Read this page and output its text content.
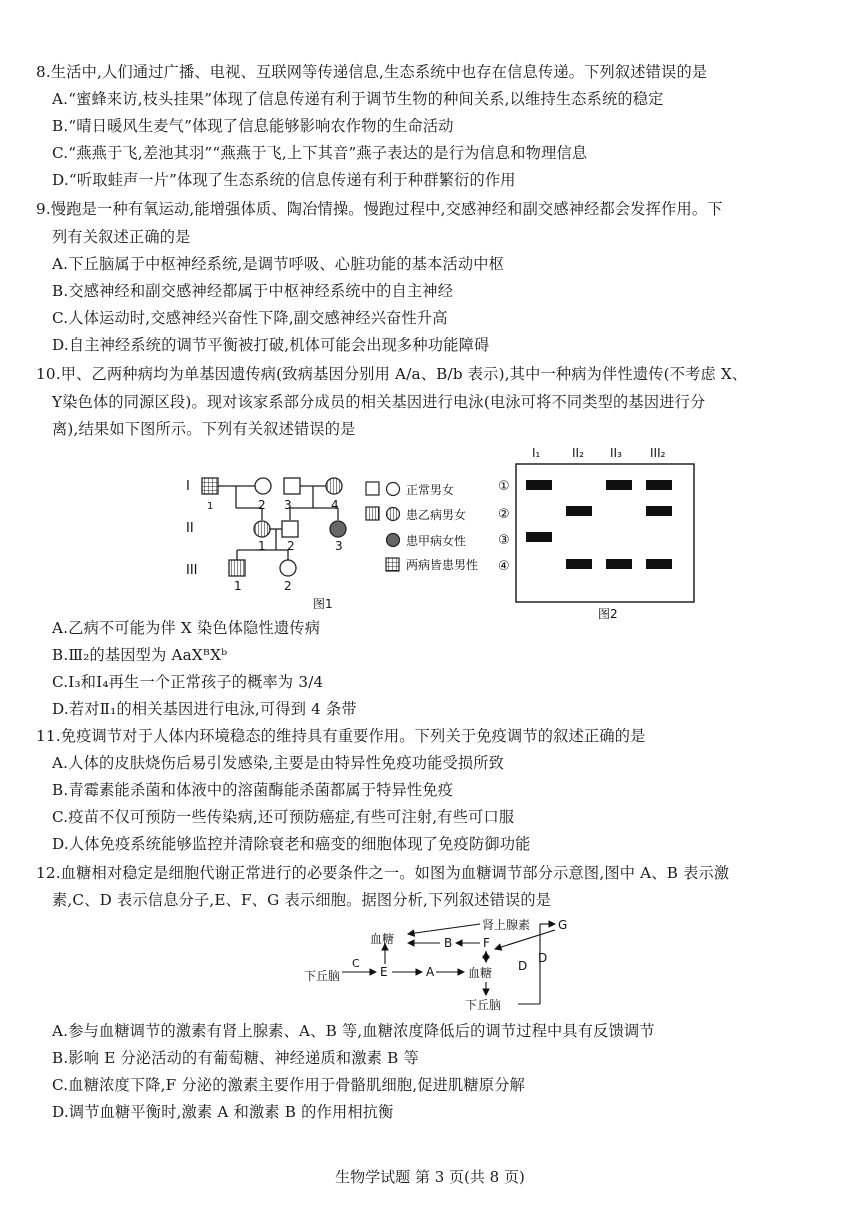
8.生活中,人们通过广播、电视、互联网等传递信息,生态系统中也存在信息传递。下列叙述错误的是
A.“蜜蜂来访,枝头挂果”体现了信息传递有利于调节生物的种间关系,以维持生态系统的稳定
B.“晴日暖风生麦气”体现了信息能够影响农作物的生命活动
C.“燕燕于飞,差池其羽”“燕燕于飞,上下其音”燕子表达的是行为信息和物理信息
D.“听取蛙声一片”体现了生态系统的信息传递有利于种群繁衍的作用
9.慢跑是一种有氧运动,能增强体质、陶冶情操。慢跑过程中,交感神经和副交感神经都会发挥作用。下
列有关叙述正确的是
A.下丘脑属于中枢神经系统,是调节呼吸、心脏功能的基本活动中枢
B.交感神经和副交感神经都属于中枢神经系统中的自主神经
C.人体运动时,交感神经兴奋性下降,副交感神经兴奋性升高
D.自主神经系统的调节平衡被打破,机体可能会出现多种功能障碍
10.甲、乙两种病均为单基因遗传病(致病基因分别用 A/a、B/b 表示),其中一种病为伴性遗传(不考虑 X、
Y染色体的同源区段)。现对该家系部分成员的相关基因进行电泳(电泳可将不同类型的基因进行分
离),结果如下图所示。下列有关叙述错误的是
I
II
III
1	2 3	4
1 2	3
1	2
正常男女
患乙病男女
患甲病女性
两病皆患男性
图1
I₁	II₂ II₃ III₂
①
②
③
④
图2
A.乙病不可能为伴 X 染色体隐性遗传病
B.Ⅲ₂的基因型为 AaXᴮXᵇ
C.Ⅰ₃和Ⅰ₄再生一个正常孩子的概率为 3/4
D.若对Ⅱ₁的相关基因进行电泳,可得到 4 条带
11.免疫调节对于人体内环境稳态的维持具有重要作用。下列关于免疫调节的叙述正确的是
A.人体的皮肤烧伤后易引发感染,主要是由特异性免疫功能受损所致
B.青霉素能杀菌和体液中的溶菌酶能杀菌都属于特异性免疫
C.疫苗不仅可预防一些传染病,还可预防癌症,有些可注射,有些可口服
D.人体免疫系统能够监控并清除衰老和癌变的细胞体现了免疫防御功能
12.血糖相对稳定是细胞代谢正常进行的必要条件之一。如图为血糖调节部分示意图,图中 A、B 表示激
素,C、D 表示信息分子,E、F、G 表示细胞。据图分析,下列叙述错误的是
肾上腺素 G
血糖	B	F
D
D
下丘脑
C
E	A	血糖
下丘脑
A.参与血糖调节的激素有肾上腺素、A、B 等,血糖浓度降低后的调节过程中具有反馈调节
B.影响 E 分泌活动的有葡萄糖、神经递质和激素 B 等
C.血糖浓度下降,F 分泌的激素主要作用于骨骼肌细胞,促进肌糖原分解
D.调节血糖平衡时,激素 A 和激素 B 的作用相抗衡
生物学试题 第 3 页(共 8 页)
